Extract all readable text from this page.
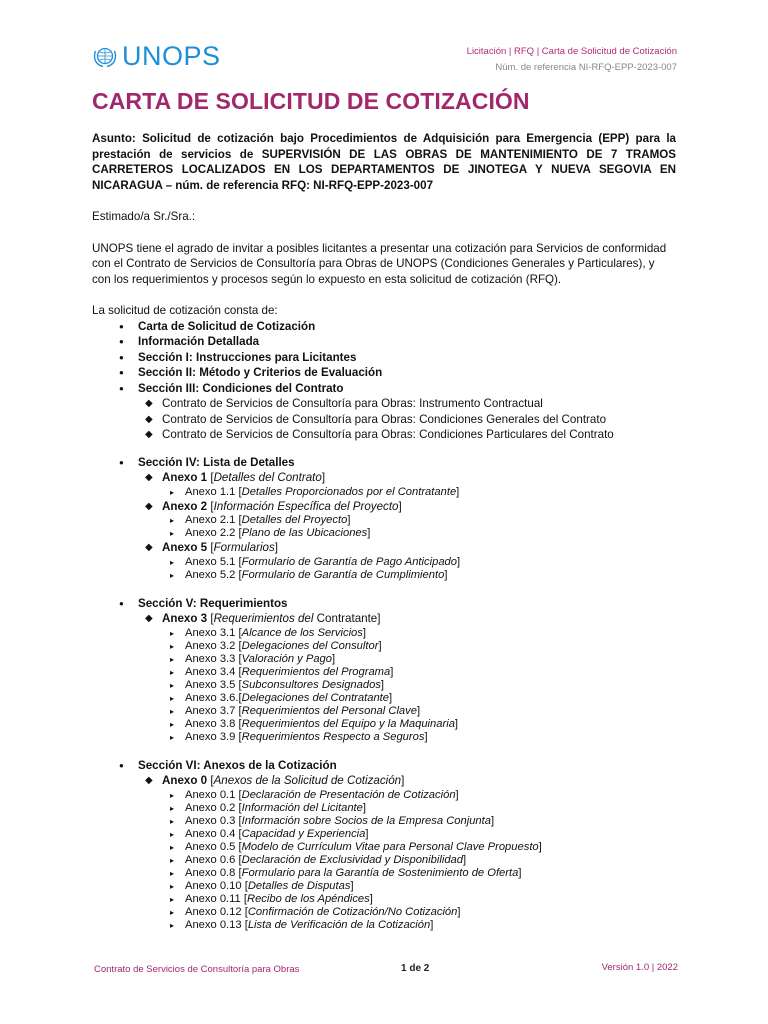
UNOPS	Licitación | RFQ | Carta de Solicitud de Cotización
Núm. de referencia NI-RFQ-EPP-2023-007
CARTA DE SOLICITUD DE COTIZACIÓN

Asunto: Solicitud de cotización bajo Procedimientos de Adquisición para Emergencia (EPP) para la prestación de servicios de SUPERVISIÓN DE LAS OBRAS DE MANTENIMIENTO DE 7 TRAMOS CARRETEROS LOCALIZADOS EN LOS DEPARTAMENTOS DE JINOTEGA Y NUEVA SEGOVIA EN NICARAGUA – núm. de referencia RFQ: NI-RFQ-EPP-2023-007

Estimado/a Sr./Sra.:

UNOPS tiene el agrado de invitar a posibles licitantes a presentar una cotización para Servicios de conformidad con el Contrato de Servicios de Consultoría para Obras de UNOPS (Condiciones Generales y Particulares), y con los requerimientos y procesos según lo expuesto en esta solicitud de cotización (RFQ).

La solicitud de cotización consta de:

● Carta de Solicitud de Cotización
● Información Detallada
● Sección I: Instrucciones para Licitantes
● Sección II: Método y Criterios de Evaluación
● Sección III: Condiciones del Contrato
◆ Contrato de Servicios de Consultoría para Obras: Instrumento Contractual
◆ Contrato de Servicios de Consultoría para Obras: Condiciones Generales del Contrato
◆ Contrato de Servicios de Consultoría para Obras: Condiciones Particulares del Contrato
● Sección IV: Lista de Detalles
◆ Anexo 1 [Detalles del Contrato]
▸ Anexo 1.1 [Detalles Proporcionados por el Contratante]
◆ Anexo 2 [Información Específica del Proyecto]
▸ Anexo 2.1 [Detalles del Proyecto]
▸ Anexo 2.2 [Plano de las Ubicaciones]
◆ Anexo 5 [Formularios]
▸ Anexo 5.1 [Formulario de Garantía de Pago Anticipado]
▸ Anexo 5.2 [Formulario de Garantía de Cumplimiento]
● Sección V: Requerimientos
◆ Anexo 3 [Requerimientos del Contratante]
▸ Anexo 3.1 [Alcance de los Servicios]
▸ Anexo 3.2 [Delegaciones del Consultor]
▸ Anexo 3.3 [Valoración y Pago]
▸ Anexo 3.4 [Requerimientos del Programa]
▸ Anexo 3.5 [Subconsultores Designados]
▸ Anexo 3.6.[Delegaciones del Contratante]
▸ Anexo 3.7 [Requerimientos del Personal Clave]
▸ Anexo 3.8 [Requerimientos del Equipo y la Maquinaria]
▸ Anexo 3.9 [Requerimientos Respecto a Seguros]
● Sección VI: Anexos de la Cotización
◆ Anexo 0 [Anexos de la Solicitud de Cotización]
▸ Anexo 0.1 [Declaración de Presentación de Cotización]
▸ Anexo 0.2 [Información del Licitante]
▸ Anexo 0.3 [Información sobre Socios de la Empresa Conjunta]
▸ Anexo 0.4 [Capacidad y Experiencia]
▸ Anexo 0.5 [Modelo de Currículum Vitae para Personal Clave Propuesto]
▸ Anexo 0.6 [Declaración de Exclusividad y Disponibilidad]
▸ Anexo 0.8 [Formulario para la Garantía de Sostenimiento de Oferta]
▸ Anexo 0.10 [Detalles de Disputas]
▸ Anexo 0.11 [Recibo de los Apéndices]
▸ Anexo 0.12 [Confirmación de Cotización/No Cotización]
▸ Anexo 0.13 [Lista de Verificación de la Cotización]
Contrato de Servicios de Consultoría para Obras	1 de 2	Versión 1.0 | 2022
